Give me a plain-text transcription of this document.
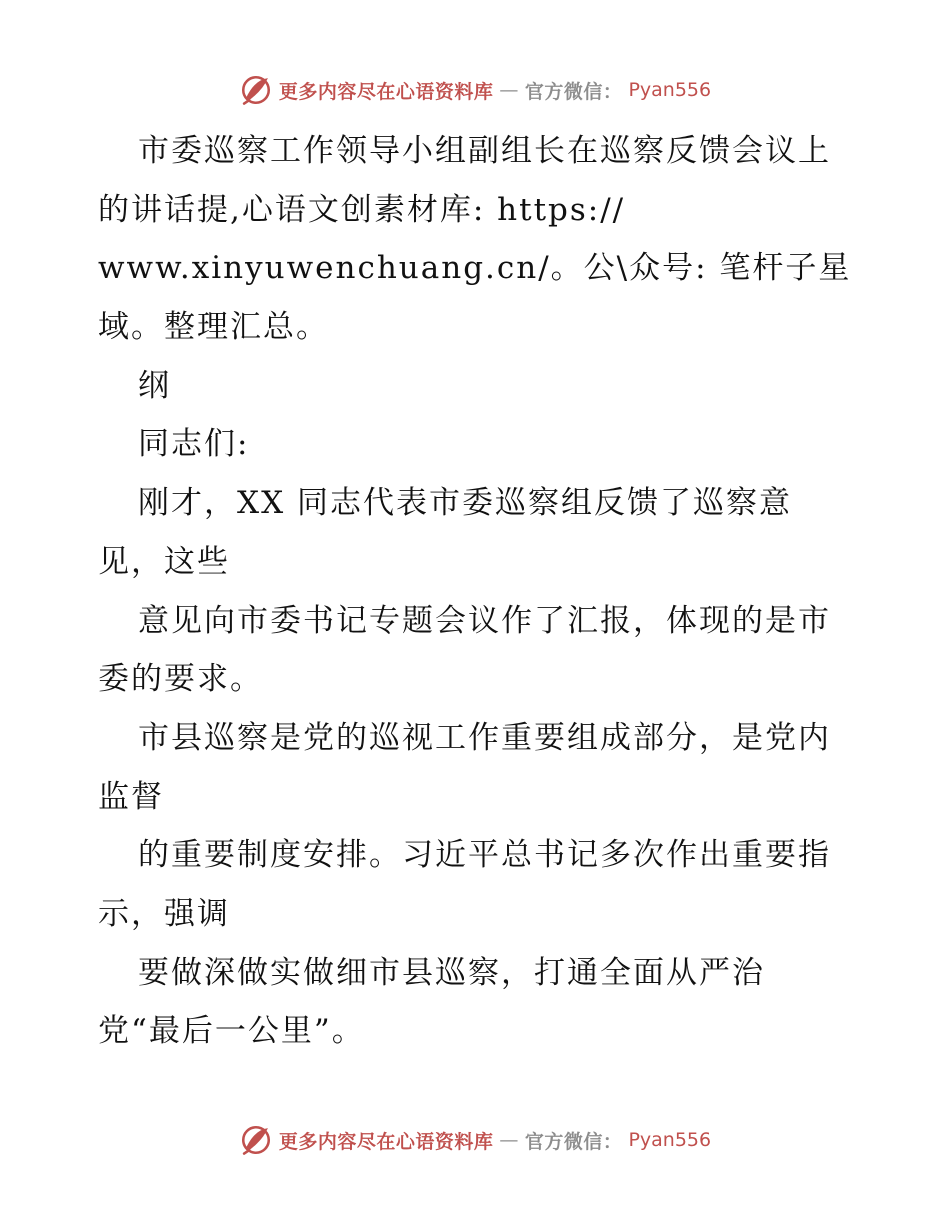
更多内容尽在心语资料库 — 官方微信： Pyan556

市委巡察工作领导小组副组长在巡察反馈会议上

的讲话提,心语文创素材库: https://

www.xinyuwenchuang.cn/。公\众号: 笔杆子星

域。整理汇总。

纲

同志们:

刚才，XX 同志代表市委巡察组反馈了巡察意

见，这些

意见向市委书记专题会议作了汇报，体现的是市

委的要求。

市县巡察是党的巡视工作重要组成部分，是党内

监督

的重要制度安排。习近平总书记多次作出重要指

示，强调

要做深做实做细市县巡察，打通全面从严治

党“最后一公里”。

更多内容尽在心语资料库 — 官方微信： Pyan556
